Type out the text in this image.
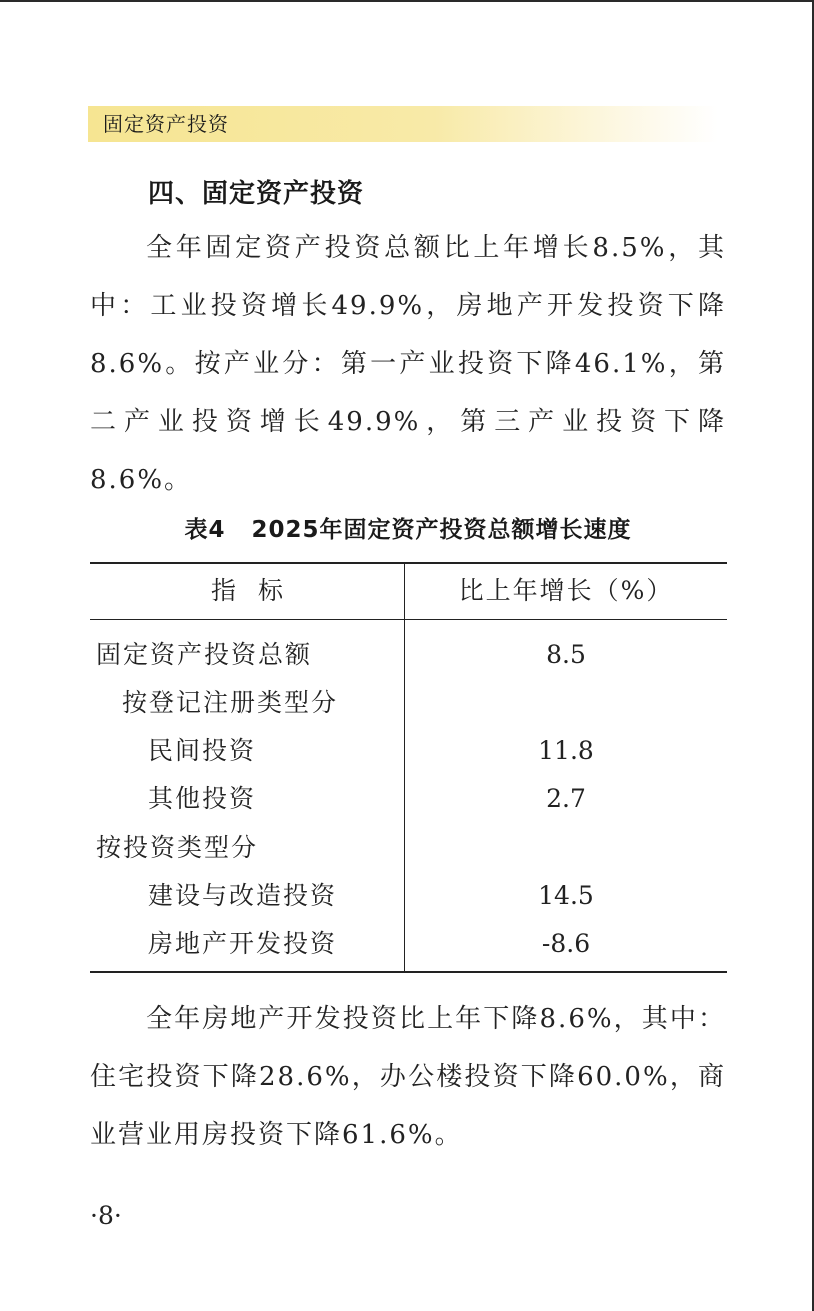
固定资产投资
四、固定资产投资

全年固定资产投资总额比上年增长8.5%，其中：工业投资增长49.9%，房地产开发投资下降8.6%。按产业分：第一产业投资下降46.1%，第二产业投资增长49.9%，第三产业投资下降8.6%。

表4 2025年固定资产投资总额增长速度
指标	比上年增长（%）
固定资产投资总额	8.5
按登记注册类型分
民间投资	11.8
其他投资	2.7
按投资类型分
建设与改造投资	14.5
房地产开发投资	-8.6

全年房地产开发投资比上年下降8.6%，其中：住宅投资下降28.6%，办公楼投资下降60.0%，商业营业用房投资下降61.6%。

·8·
